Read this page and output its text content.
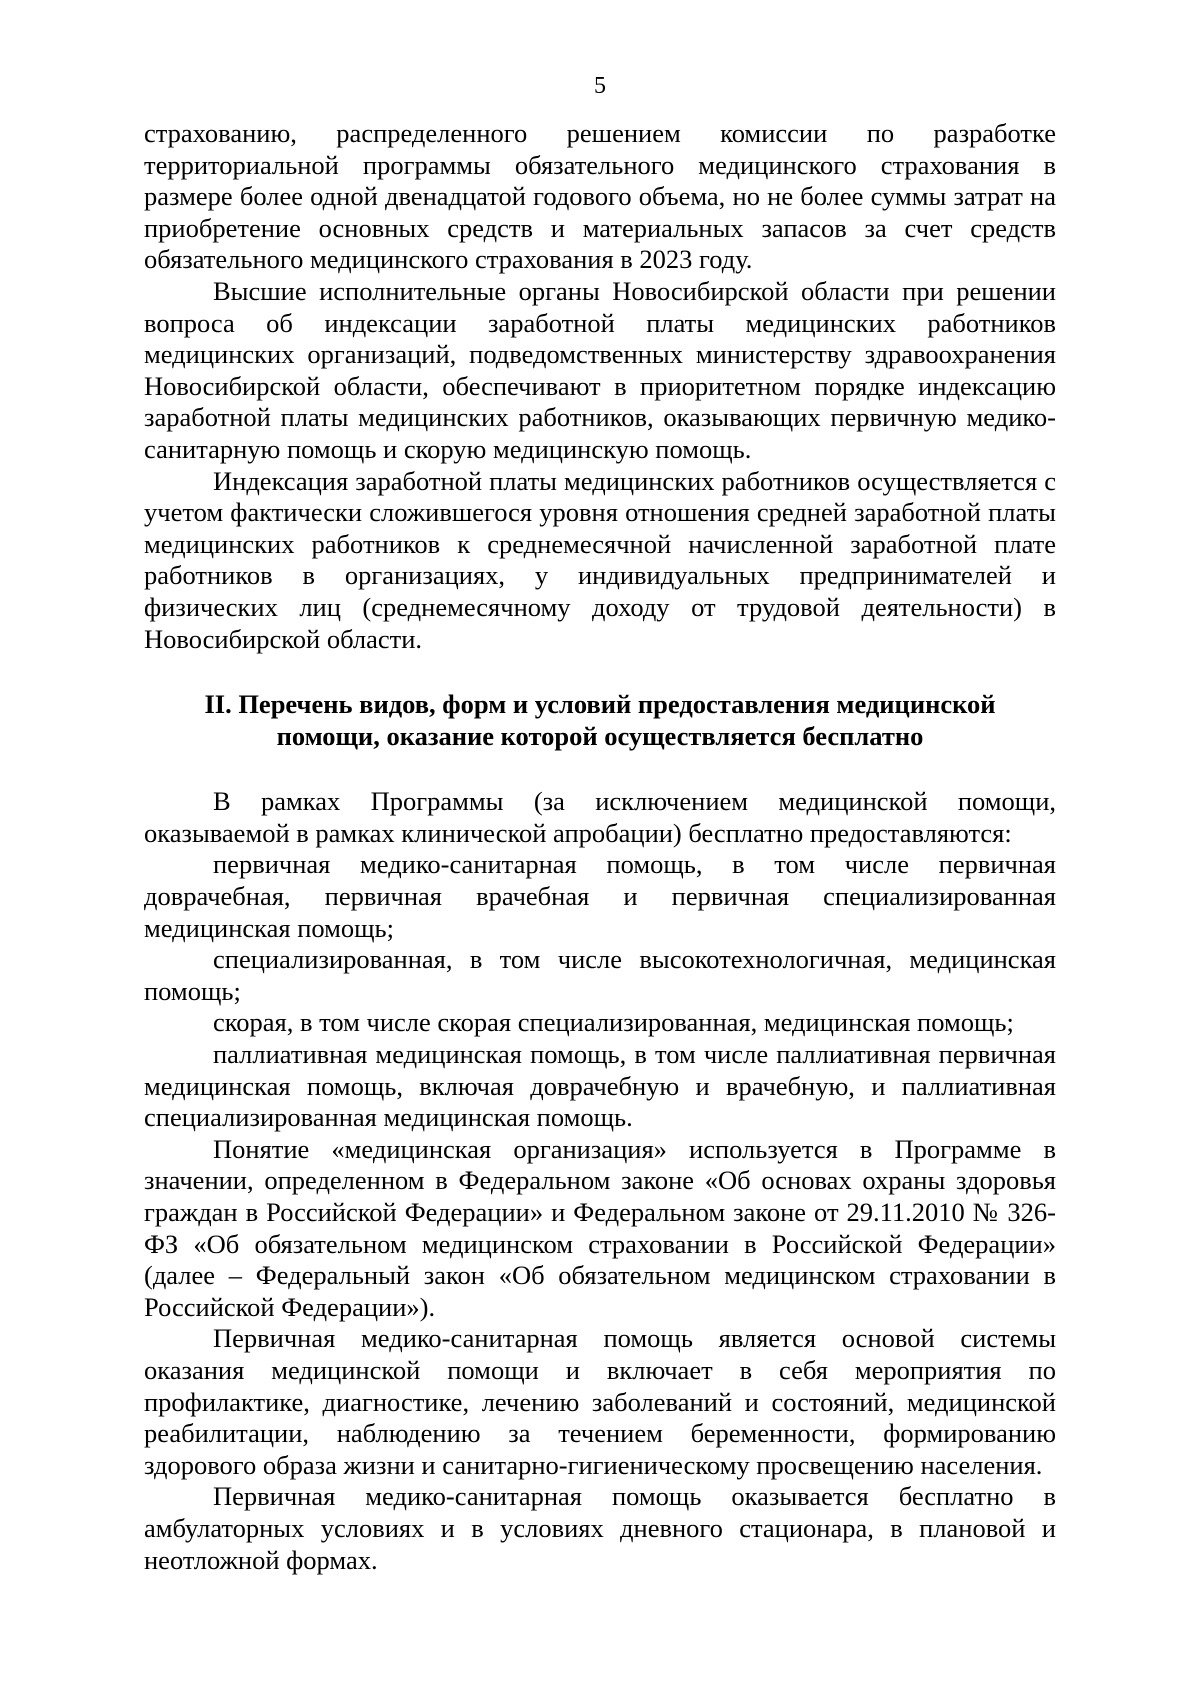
5

страхованию, распределенного решением комиссии по разработке территориальной программы обязательного медицинского страхования в размере более одной двенадцатой годового объема, но не более суммы затрат на приобретение основных средств и материальных запасов за счет средств обязательного медицинского страхования в 2023 году.

Высшие исполнительные органы Новосибирской области при решении вопроса об индексации заработной платы медицинских работников медицинских организаций, подведомственных министерству здравоохранения Новосибирской области, обеспечивают в приоритетном порядке индексацию заработной платы медицинских работников, оказывающих первичную медико-санитарную помощь и скорую медицинскую помощь.

Индексация заработной платы медицинских работников осуществляется с учетом фактически сложившегося уровня отношения средней заработной платы медицинских работников к среднемесячной начисленной заработной плате работников в организациях, у индивидуальных предпринимателей и физических лиц (среднемесячному доходу от трудовой деятельности) в Новосибирской области.

II. Перечень видов, форм и условий предоставления медицинской помощи, оказание которой осуществляется бесплатно

В рамках Программы (за исключением медицинской помощи, оказываемой в рамках клинической апробации) бесплатно предоставляются:

первичная медико-санитарная помощь, в том числе первичная доврачебная, первичная врачебная и первичная специализированная медицинская помощь;

специализированная, в том числе высокотехнологичная, медицинская помощь;

скорая, в том числе скорая специализированная, медицинская помощь;

паллиативная медицинская помощь, в том числе паллиативная первичная медицинская помощь, включая доврачебную и врачебную, и паллиативная специализированная медицинская помощь.

Понятие «медицинская организация» используется в Программе в значении, определенном в Федеральном законе «Об основах охраны здоровья граждан в Российской Федерации» и Федеральном законе от 29.11.2010 № 326-ФЗ «Об обязательном медицинском страховании в Российской Федерации» (далее – Федеральный закон «Об обязательном медицинском страховании в Российской Федерации»).

Первичная медико-санитарная помощь является основой системы оказания медицинской помощи и включает в себя мероприятия по профилактике, диагностике, лечению заболеваний и состояний, медицинской реабилитации, наблюдению за течением беременности, формированию здорового образа жизни и санитарно-гигиеническому просвещению населения.

Первичная медико-санитарная помощь оказывается бесплатно в амбулаторных условиях и в условиях дневного стационара, в плановой и неотложной формах.
